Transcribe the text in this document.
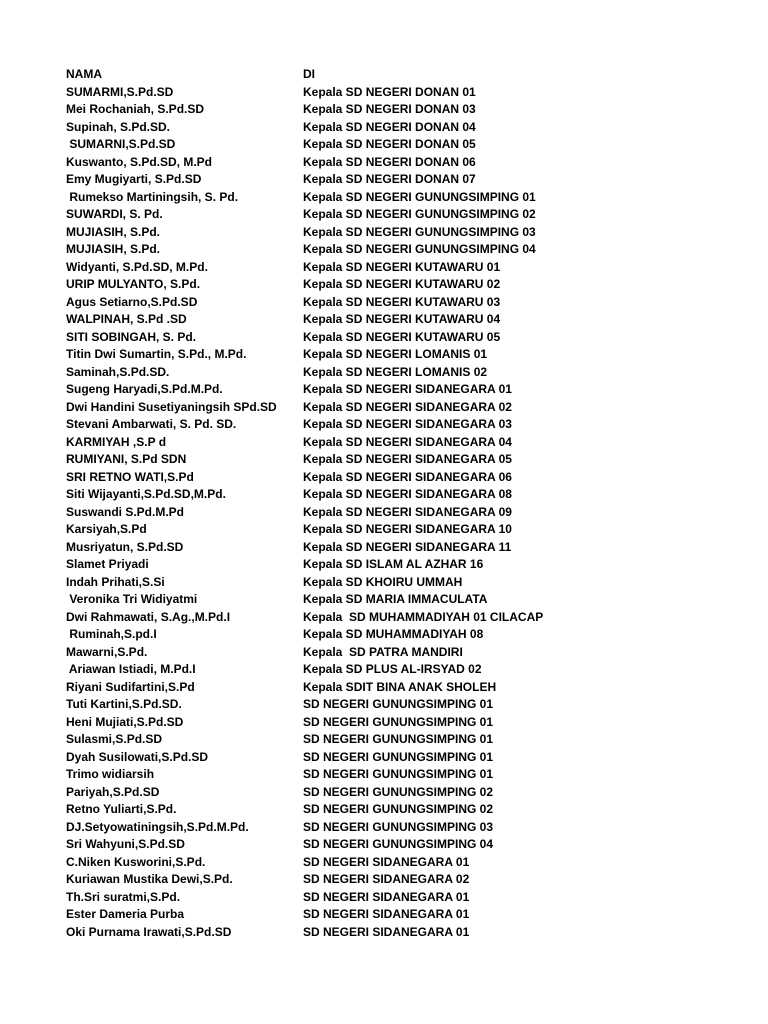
NAMA	DI
SUMARMI,S.Pd.SD	Kepala SD NEGERI DONAN 01
Mei Rochaniah, S.Pd.SD	Kepala SD NEGERI DONAN 03
Supinah, S.Pd.SD.	Kepala SD NEGERI DONAN 04
SUMARNI,S.Pd.SD	Kepala SD NEGERI DONAN 05
Kuswanto, S.Pd.SD, M.Pd	Kepala SD NEGERI DONAN 06
Emy Mugiyarti, S.Pd.SD	Kepala SD NEGERI DONAN 07
Rumekso Martiningsih, S. Pd.	Kepala SD NEGERI GUNUNGSIMPING 01
SUWARDI, S. Pd.	Kepala SD NEGERI GUNUNGSIMPING 02
MUJIASIH, S.Pd.	Kepala SD NEGERI GUNUNGSIMPING 03
MUJIASIH, S.Pd.	Kepala SD NEGERI GUNUNGSIMPING 04
Widyanti, S.Pd.SD, M.Pd.	Kepala SD NEGERI KUTAWARU 01
URIP MULYANTO, S.Pd.	Kepala SD NEGERI KUTAWARU 02
Agus Setiarno,S.Pd.SD	Kepala SD NEGERI KUTAWARU 03
WALPINAH, S.Pd .SD	Kepala SD NEGERI KUTAWARU 04
SITI SOBINGAH, S. Pd.	Kepala SD NEGERI KUTAWARU 05
Titin Dwi Sumartin, S.Pd., M.Pd.	Kepala SD NEGERI LOMANIS 01
Saminah,S.Pd.SD.	Kepala SD NEGERI LOMANIS 02
Sugeng Haryadi,S.Pd.M.Pd.	Kepala SD NEGERI SIDANEGARA 01
Dwi Handini Susetiyaningsih SPd.SD	Kepala SD NEGERI SIDANEGARA 02
Stevani Ambarwati, S. Pd. SD.	Kepala SD NEGERI SIDANEGARA 03
KARMIYAH ,S.P d	Kepala SD NEGERI SIDANEGARA 04
RUMIYANI, S.Pd SDN	Kepala SD NEGERI SIDANEGARA 05
SRI RETNO WATI,S.Pd	Kepala SD NEGERI SIDANEGARA 06
Siti Wijayanti,S.Pd.SD,M.Pd.	Kepala SD NEGERI SIDANEGARA 08
Suswandi S.Pd.M.Pd	Kepala SD NEGERI SIDANEGARA 09
Karsiyah,S.Pd	Kepala SD NEGERI SIDANEGARA 10
Musriyatun, S.Pd.SD	Kepala SD NEGERI SIDANEGARA 11
Slamet Priyadi	Kepala SD ISLAM AL AZHAR 16
Indah Prihati,S.Si	Kepala SD KHOIRU UMMAH
Veronika Tri Widiyatmi	Kepala SD MARIA IMMACULATA
Dwi Rahmawati, S.Ag.,M.Pd.I	Kepala  SD MUHAMMADIYAH 01 CILACAP
Ruminah,S.pd.I	Kepala SD MUHAMMADIYAH 08
Mawarni,S.Pd.	Kepala  SD PATRA MANDIRI
Ariawan Istiadi, M.Pd.I	Kepala SD PLUS AL-IRSYAD 02
Riyani Sudifartini,S.Pd	Kepala SDIT BINA ANAK SHOLEH
Tuti Kartini,S.Pd.SD.	SD NEGERI GUNUNGSIMPING 01
Heni Mujiati,S.Pd.SD	SD NEGERI GUNUNGSIMPING 01
Sulasmi,S.Pd.SD	SD NEGERI GUNUNGSIMPING 01
Dyah Susilowati,S.Pd.SD	SD NEGERI GUNUNGSIMPING 01
Trimo widiarsih	SD NEGERI GUNUNGSIMPING 01
Pariyah,S.Pd.SD	SD NEGERI GUNUNGSIMPING 02
Retno Yuliarti,S.Pd.	SD NEGERI GUNUNGSIMPING 02
DJ.Setyowatiningsih,S.Pd.M.Pd.	SD NEGERI GUNUNGSIMPING 03
Sri Wahyuni,S.Pd.SD	SD NEGERI GUNUNGSIMPING 04
C.Niken Kusworini,S.Pd.	SD NEGERI SIDANEGARA 01
Kuriawan Mustika Dewi,S.Pd.	SD NEGERI SIDANEGARA 02
Th.Sri suratmi,S.Pd.	SD NEGERI SIDANEGARA 01
Ester Dameria Purba	SD NEGERI SIDANEGARA 01
Oki Purnama Irawati,S.Pd.SD	SD NEGERI SIDANEGARA 01
